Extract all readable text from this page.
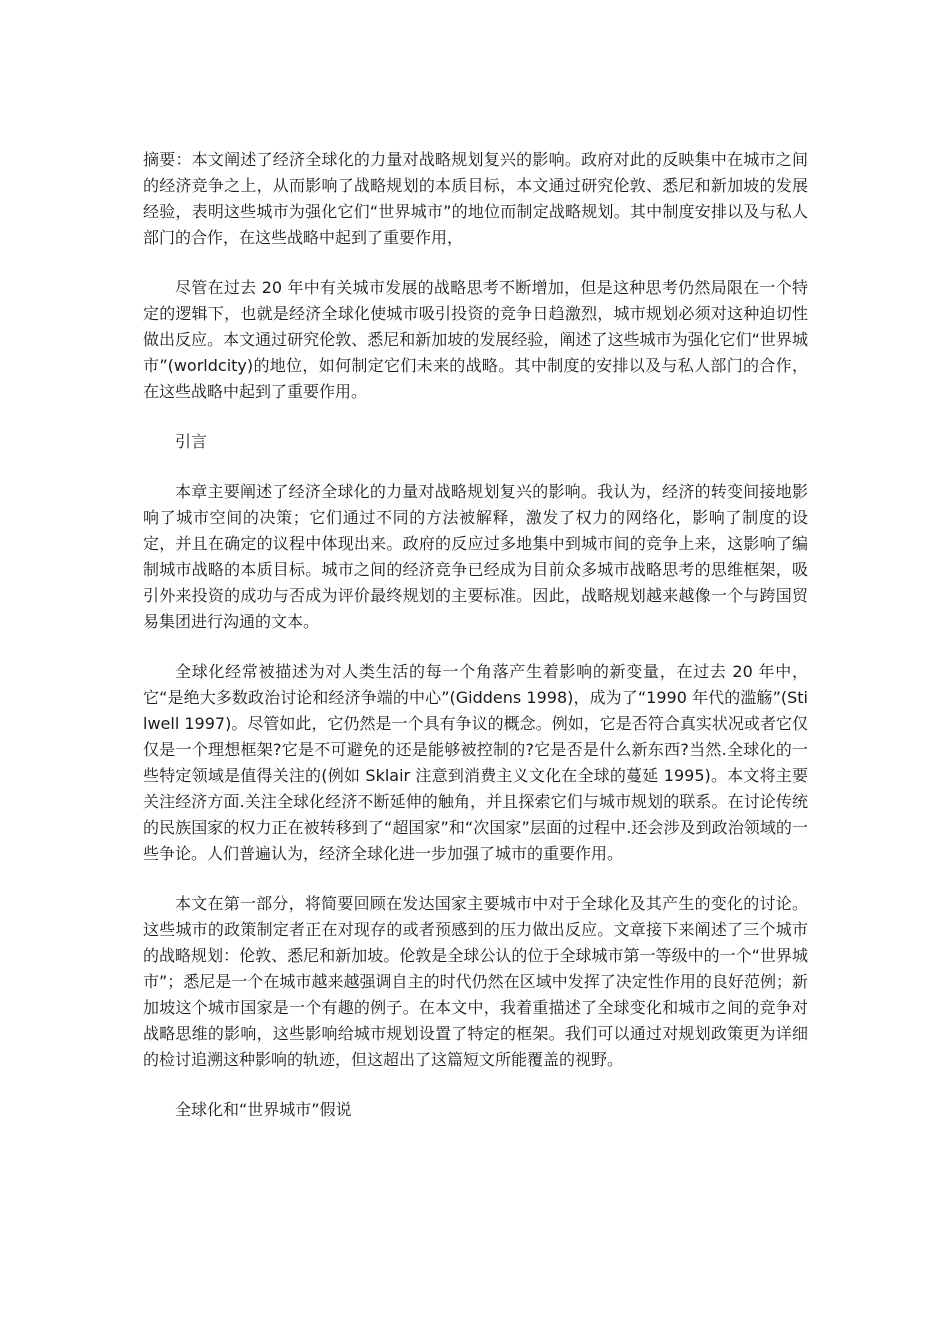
摘要：本文阐述了经济全球化的力量对战略规划复兴的影响。政府对此的反映集中在城市之间的经济竞争之上，从而影响了战略规划的本质目标，本文通过研究伦敦、悉尼和新加坡的发展经验，表明这些城市为强化它们“世界城市”的地位而制定战略规划。其中制度安排以及与私人部门的合作，在这些战略中起到了重要作用，

尽管在过去 20 年中有关城市发展的战略思考不断增加，但是这种思考仍然局限在一个特定的逻辑下，也就是经济全球化使城市吸引投资的竞争日趋激烈，城市规划必须对这种迫切性做出反应。本文通过研究伦敦、悉尼和新加坡的发展经验，阐述了这些城市为强化它们“世界城市”(worldcity)的地位，如何制定它们未来的战略。其中制度的安排以及与私人部门的合作，在这些战略中起到了重要作用。

引言

本章主要阐述了经济全球化的力量对战略规划复兴的影响。我认为，经济的转变间接地影响了城市空间的决策；它们通过不同的方法被解释，激发了权力的网络化，影响了制度的设定，并且在确定的议程中体现出来。政府的反应过多地集中到城市间的竞争上来，这影响了编制城市战略的本质目标。城市之间的经济竞争已经成为目前众多城市战略思考的思维框架，吸引外来投资的成功与否成为评价最终规划的主要标准。因此，战略规划越来越像一个与跨国贸易集团进行沟通的文本。

全球化经常被描述为对人类生活的每一个角落产生着影响的新变量，在过去 20 年中，它“是绝大多数政治讨论和经济争端的中心”(Giddens 1998)，成为了“1990 年代的滥觞”(Stilwell 1997)。尽管如此，它仍然是一个具有争议的概念。例如，它是否符合真实状况或者它仅仅是一个理想框架?它是不可避免的还是能够被控制的?它是否是什么新东西?当然.全球化的一些特定领域是值得关注的(例如 Sklair 注意到消费主义文化在全球的蔓延 1995)。本文将主要关注经济方面.关注全球化经济不断延伸的触角，并且探索它们与城市规划的联系。在讨论传统的民族国家的权力正在被转移到了“超国家”和“次国家”层面的过程中.还会涉及到政治领域的一些争论。人们普遍认为，经济全球化进一步加强了城市的重要作用。

本文在第一部分，将简要回顾在发达国家主要城市中对于全球化及其产生的变化的讨论。这些城市的政策制定者正在对现存的或者预感到的压力做出反应。文章接下来阐述了三个城市的战略规划：伦敦、悉尼和新加坡。伦敦是全球公认的位于全球城市第一等级中的一个“世界城市”；悉尼是一个在城市越来越强调自主的时代仍然在区域中发挥了决定性作用的良好范例；新加坡这个城市国家是一个有趣的例子。在本文中，我着重描述了全球变化和城市之间的竞争对战略思维的影响，这些影响给城市规划设置了特定的框架。我们可以通过对规划政策更为详细的检讨追溯这种影响的轨迹，但这超出了这篇短文所能覆盖的视野。

全球化和“世界城市”假说
